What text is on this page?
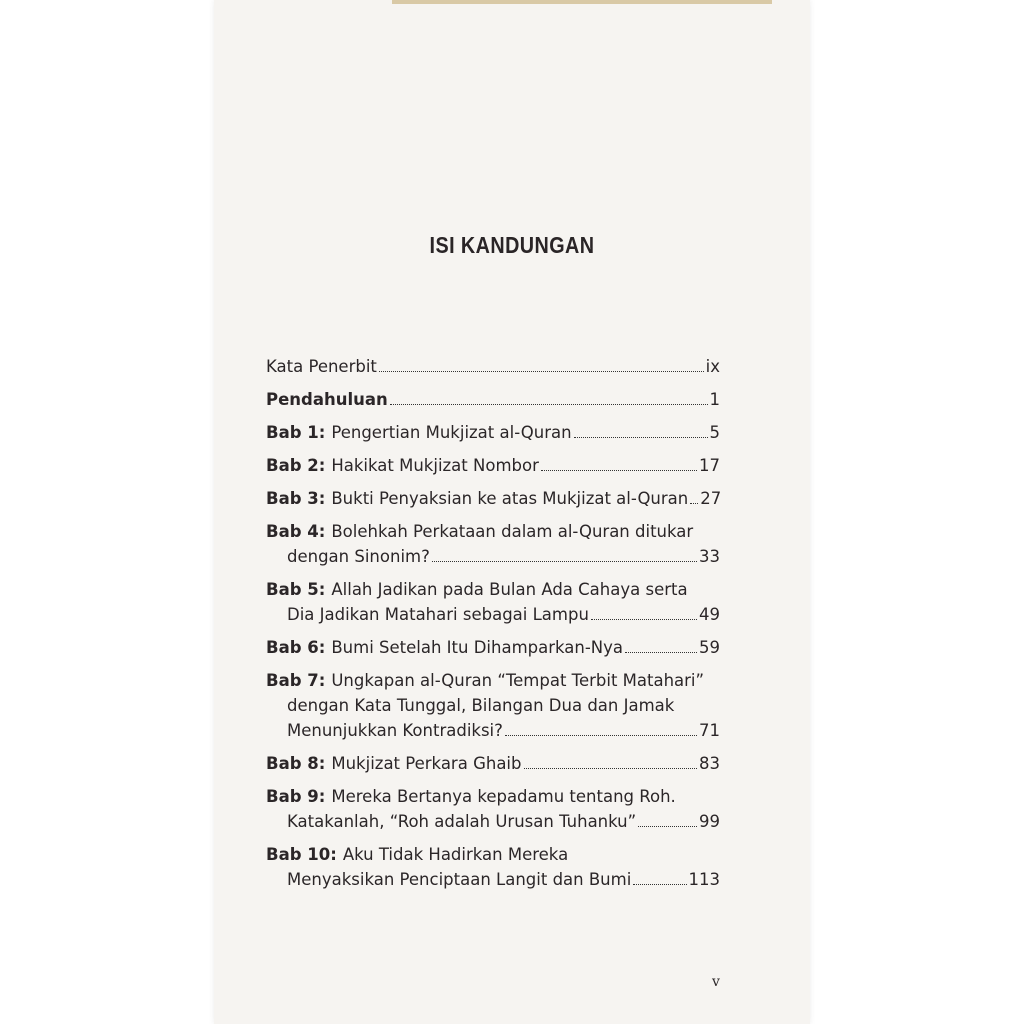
ISI KANDUNGAN
Kata Penerbit	ix
Pendahuluan	1
Bab 1: Pengertian Mukjizat al-Quran	5
Bab 2: Hakikat Mukjizat Nombor	17
Bab 3: Bukti Penyaksian ke atas Mukjizat al-Quran 27
Bab 4: Bolehkah Perkataan dalam al-Quran ditukar
dengan Sinonim?	33
Bab 5: Allah Jadikan pada Bulan Ada Cahaya serta
Dia Jadikan Matahari sebagai Lampu	49
Bab 6: Bumi Setelah Itu Dihamparkan-Nya	59
Bab 7: Ungkapan al-Quran “Tempat Terbit Matahari”
dengan Kata Tunggal, Bilangan Dua dan Jamak
Menunjukkan Kontradiksi?	71
Bab 8: Mukjizat Perkara Ghaib	83
Bab 9: Mereka Bertanya kepadamu tentang Roh.
Katakanlah, “Roh adalah Urusan Tuhanku”	99
Bab 10: Aku Tidak Hadirkan Mereka
Menyaksikan Penciptaan Langit dan Bumi	113
v
